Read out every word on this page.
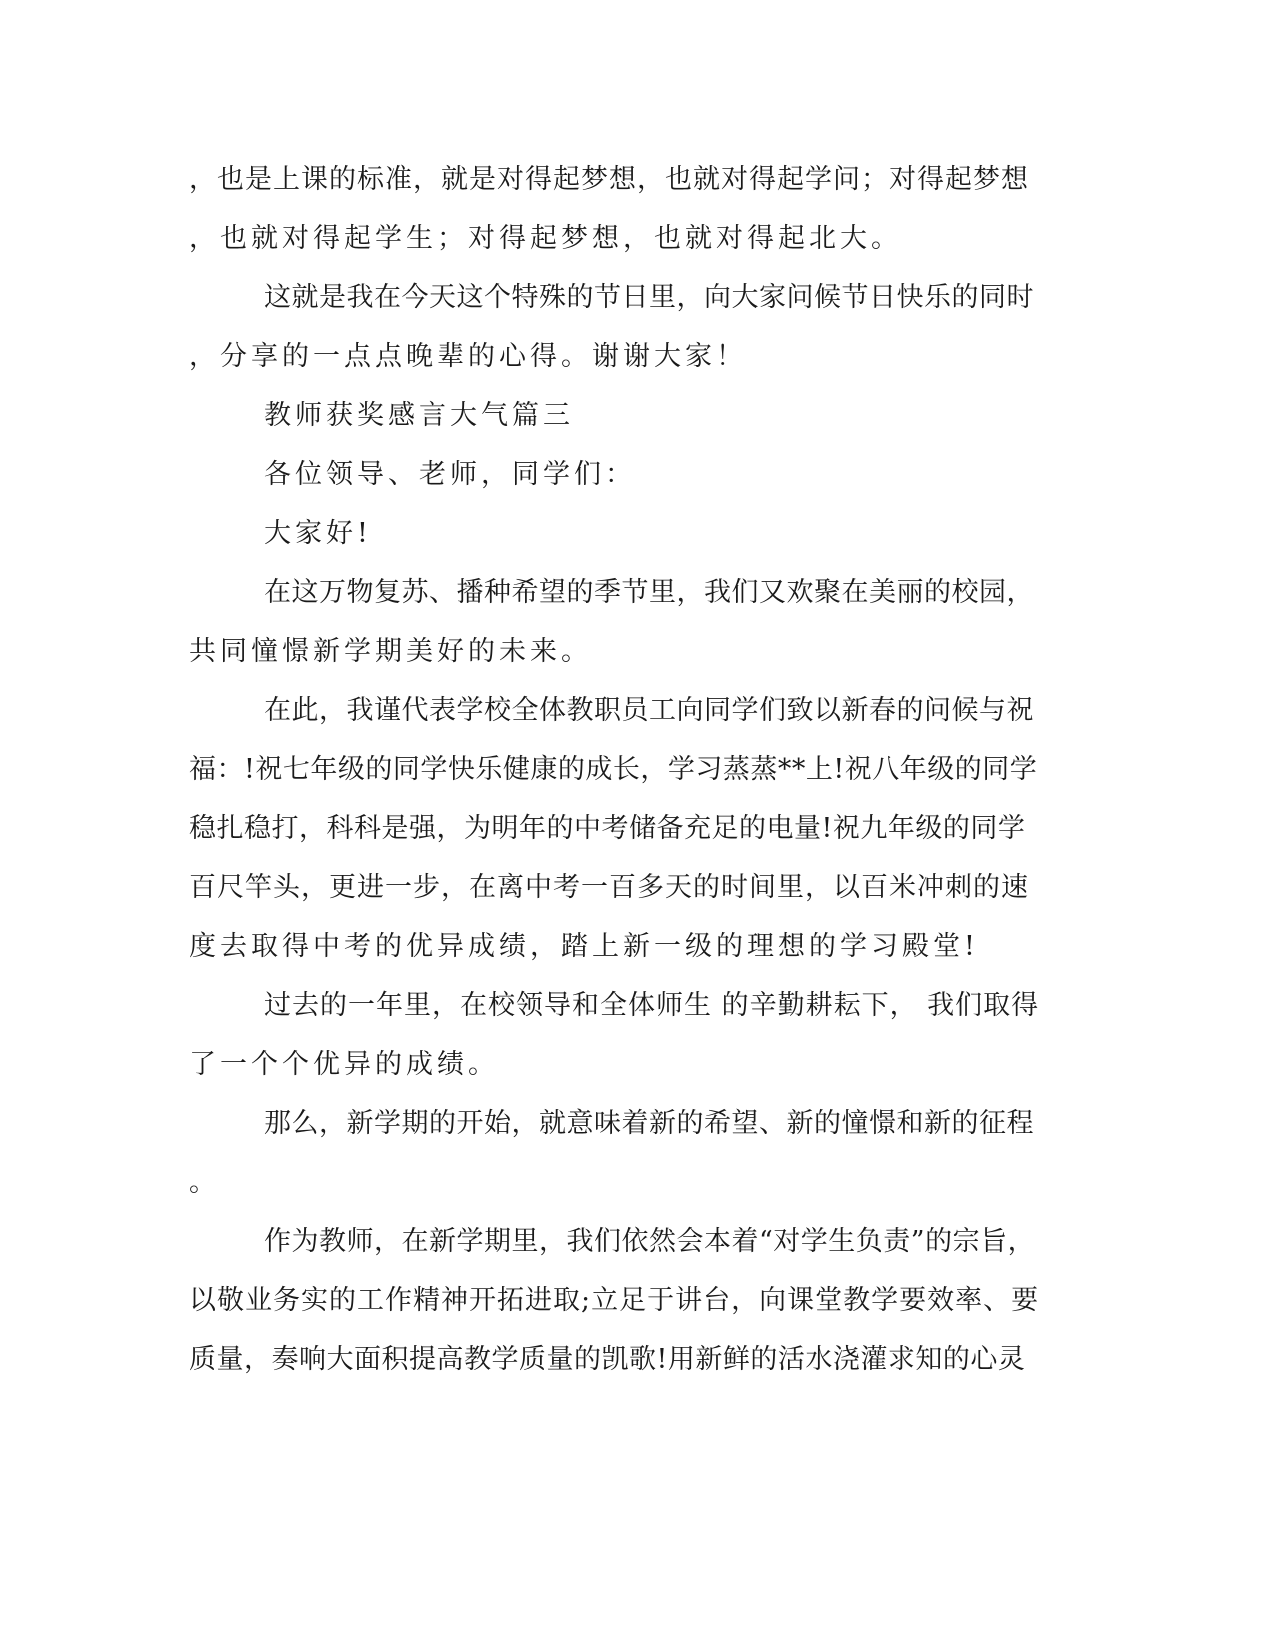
，也是上课的标准，就是对得起梦想，也就对得起学问；对得起梦想
，也就对得起学生；对得起梦想，也就对得起北大。
这就是我在今天这个特殊的节日里，向大家问候节日快乐的同时
，分享的一点点晚辈的心得。谢谢大家！
教师获奖感言大气篇三
各位领导、老师，同学们：
大家好!
在这万物复苏、播种希望的季节里，我们又欢聚在美丽的校园，
共同憧憬新学期美好的未来。
在此，我谨代表学校全体教职员工向同学们致以新春的问候与祝
福：!祝七年级的同学快乐健康的成长，学习蒸蒸**上!祝八年级的同学
稳扎稳打，科科是强，为明年的中考储备充足的电量!祝九年级的同学
百尺竿头，更进一步，在离中考一百多天的时间里，以百米冲刺的速
度去取得中考的优异成绩，踏上新一级的理想的学习殿堂!
过去的一年里，在校领导和全体师生 的辛勤耕耘下， 我们取得
了一个个优异的成绩。
那么，新学期的开始，就意味着新的希望、新的憧憬和新的征程
。
作为教师，在新学期里，我们依然会本着“对学生负责”的宗旨，
以敬业务实的工作精神开拓进取;立足于讲台，向课堂教学要效率、要
质量，奏响大面积提高教学质量的凯歌!用新鲜的活水浇灌求知的心灵
